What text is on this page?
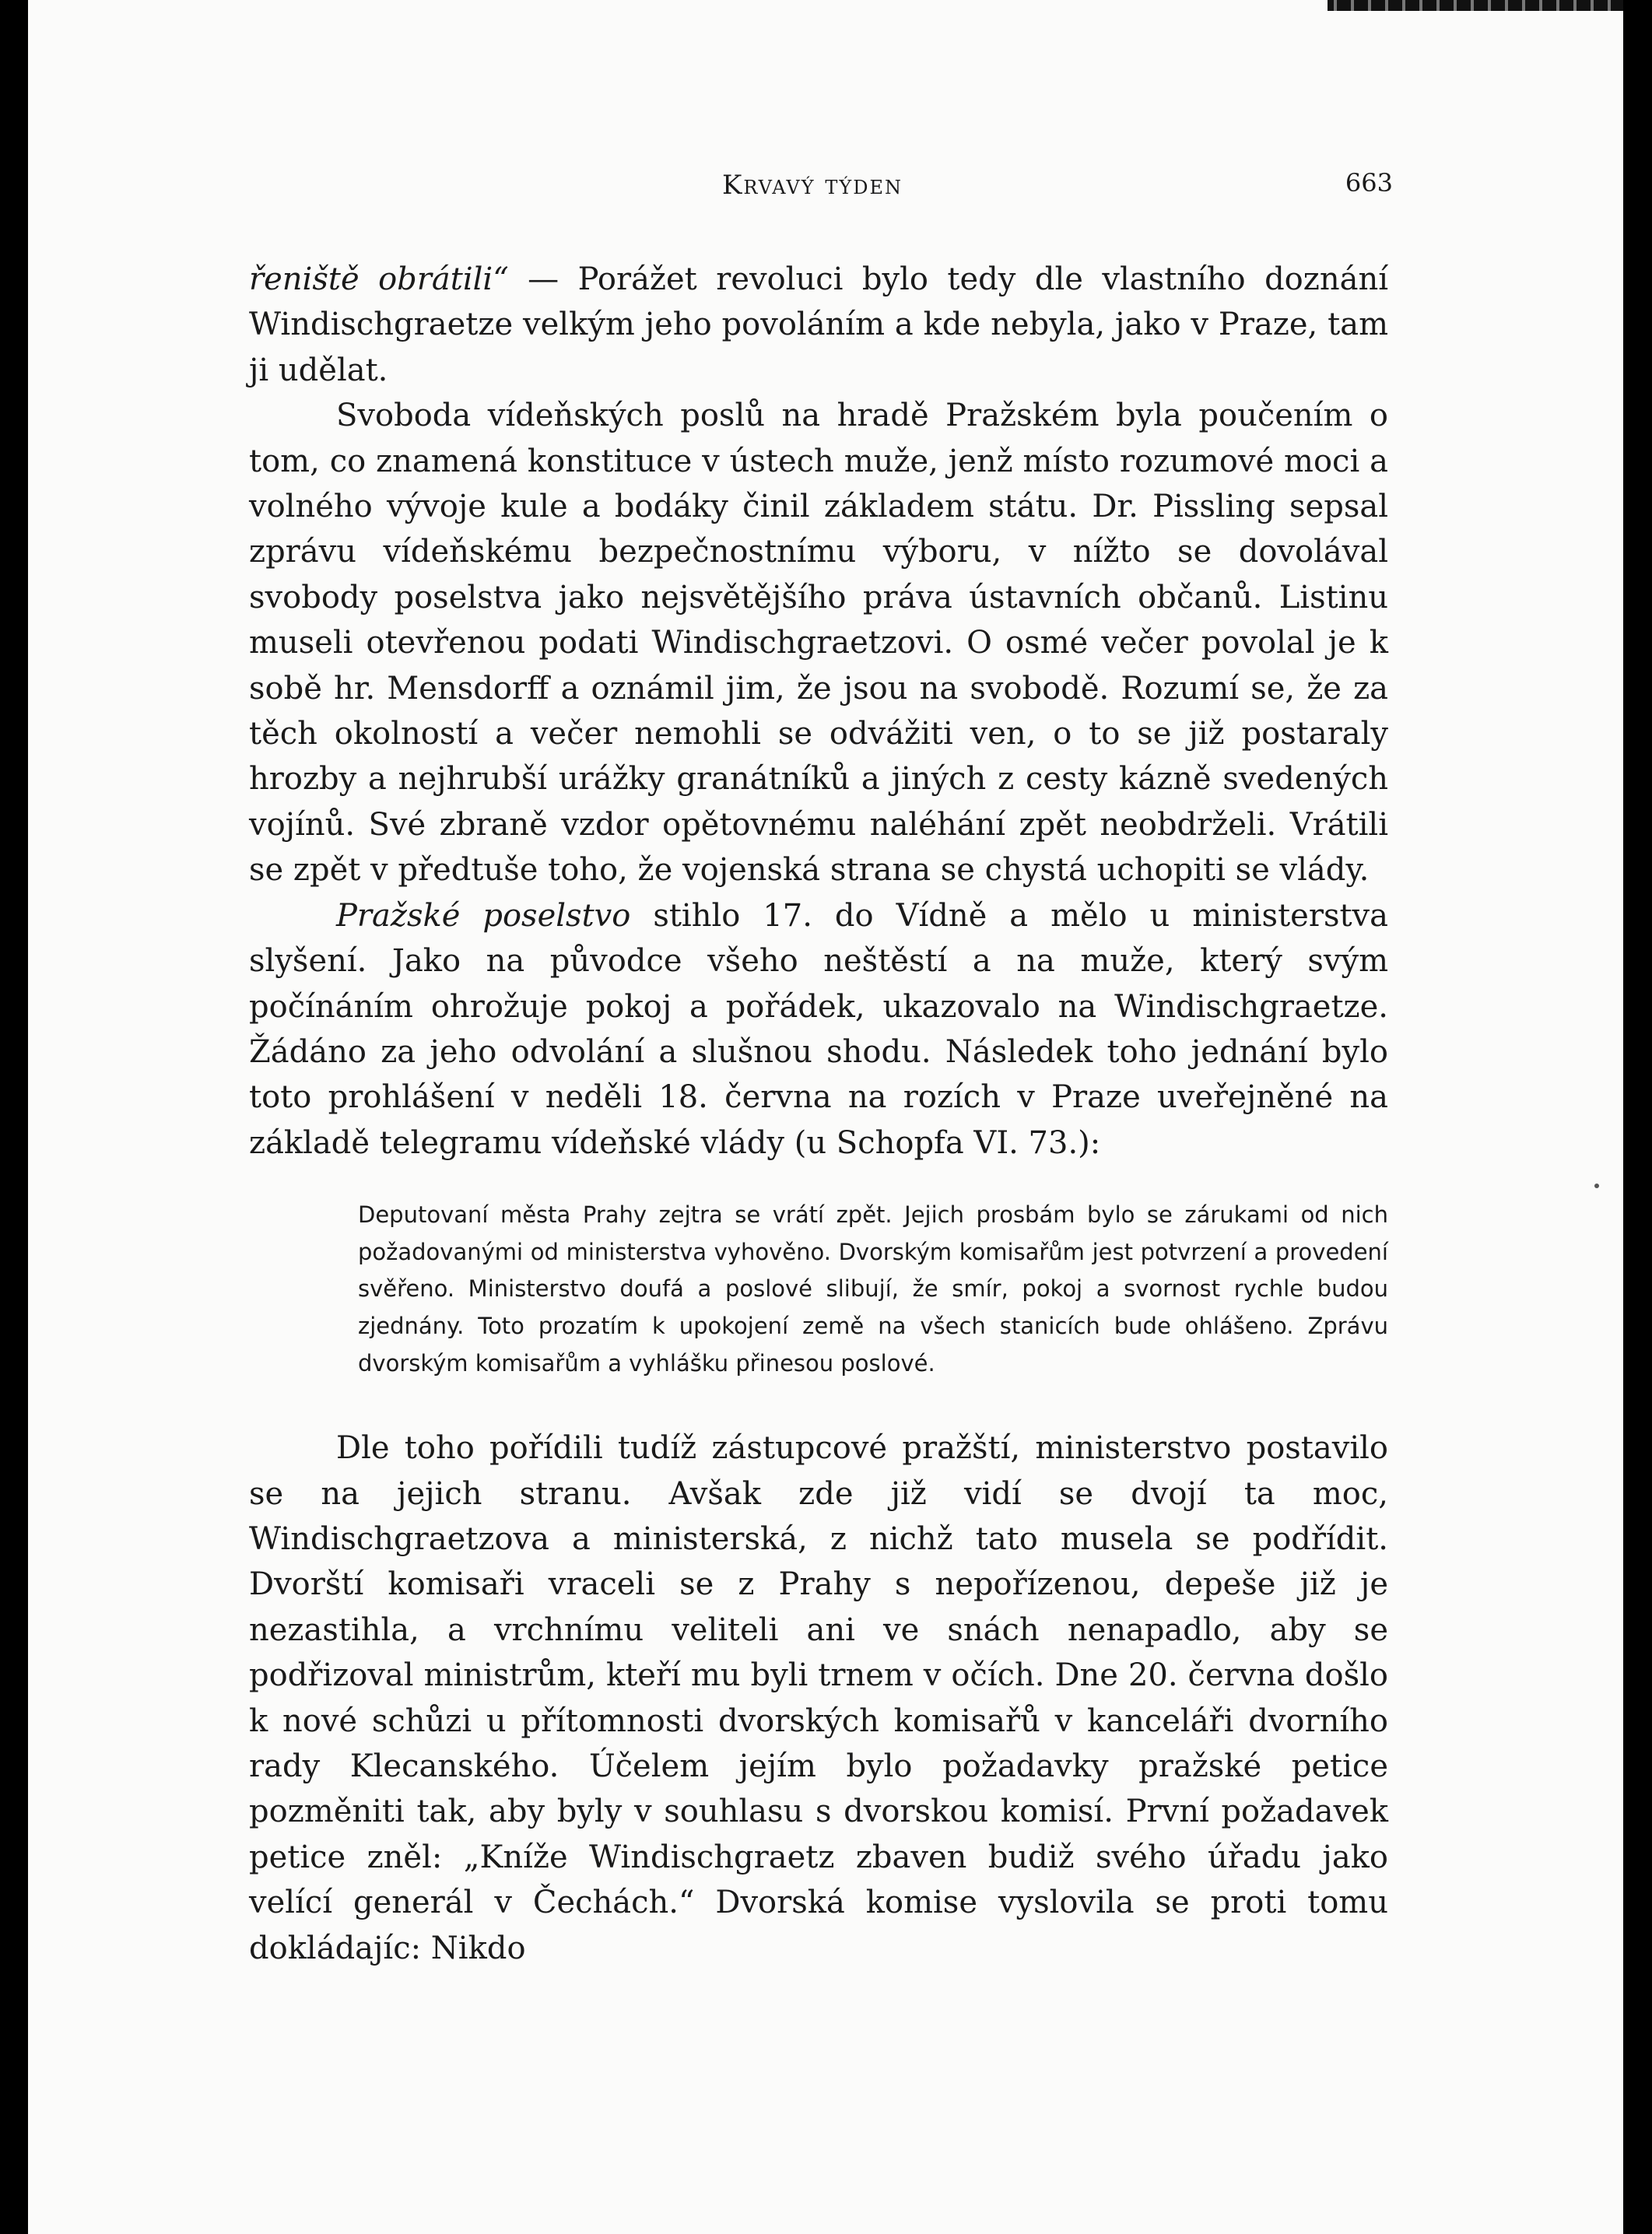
Krvavý týden	663

řeniště obrátili“ — Porážet revoluci bylo tedy dle vlastního doznání Windischgraetze velkým jeho povoláním a kde nebyla, jako v Praze, tam ji udělat.

Svoboda vídeňských poslů na hradě Pražském byla poučením o tom, co znamená konstituce v ústech muže, jenž místo rozumové moci a volného vývoje kule a bodáky činil základem státu. Dr. Pissling sepsal zprávu vídeňskému bezpečnostnímu výboru, v nížto se dovolával svobody poselstva jako nejsvětějšího práva ústavních občanů. Listinu museli otevřenou podati Windischgraetzovi. O osmé večer povolal je k sobě hr. Mensdorff a oznámil jim, že jsou na svobodě. Rozumí se, že za těch okolností a večer nemohli se odvážiti ven, o to se již postaraly hrozby a nejhrubší urážky granátníků a jiných z cesty kázně svedených vojínů. Své zbraně vzdor opětovnému naléhání zpět neobdrželi. Vrátili se zpět v předtuše toho, že vojenská strana se chystá uchopiti se vlády.

Pražské poselstvo stihlo 17. do Vídně a mělo u ministerstva slyšení. Jako na původce všeho neštěstí a na muže, který svým počínáním ohrožuje pokoj a pořádek, ukazovalo na Windischgraetze. Žádáno za jeho odvolání a slušnou shodu. Následek toho jednání bylo toto prohlášení v neděli 18. června na rozích v Praze uveřejněné na základě telegramu vídeňské vlády (u Schopfa VI. 73.):

Deputovaní města Prahy zejtra se vrátí zpět. Jejich prosbám bylo se zárukami od nich požadovanými od ministerstva vyhověno. Dvorským komisařům jest potvrzení a provedení svěřeno. Ministerstvo doufá a poslové slibují, že smír, pokoj a svornost rychle budou zjednány. Toto prozatím k upokojení země na všech stanicích bude ohlášeno. Zprávu dvorským komisařům a vyhlášku přinesou poslové.

Dle toho pořídili tudíž zástupcové pražští, ministerstvo postavilo se na jejich stranu. Avšak zde již vidí se dvojí ta moc, Windischgraetzova a ministerská, z nichž tato musela se podřídit. Dvorští komisaři vraceli se z Prahy s nepořízenou, depeše již je nezastihla, a vrchnímu veliteli ani ve snách nenapadlo, aby se podřizoval ministrům, kteří mu byli trnem v očích. Dne 20. června došlo k nové schůzi u přítomnosti dvorských komisařů v kanceláři dvorního rady Klecanského. Účelem jejím bylo požadavky pražské petice pozměniti tak, aby byly v souhlasu s dvorskou komisí. První požadavek petice zněl: „Kníže Windischgraetz zbaven budiž svého úřadu jako velící generál v Čechách.“ Dvorská komise vyslovila se proti tomu dokládajíc: Nikdo
